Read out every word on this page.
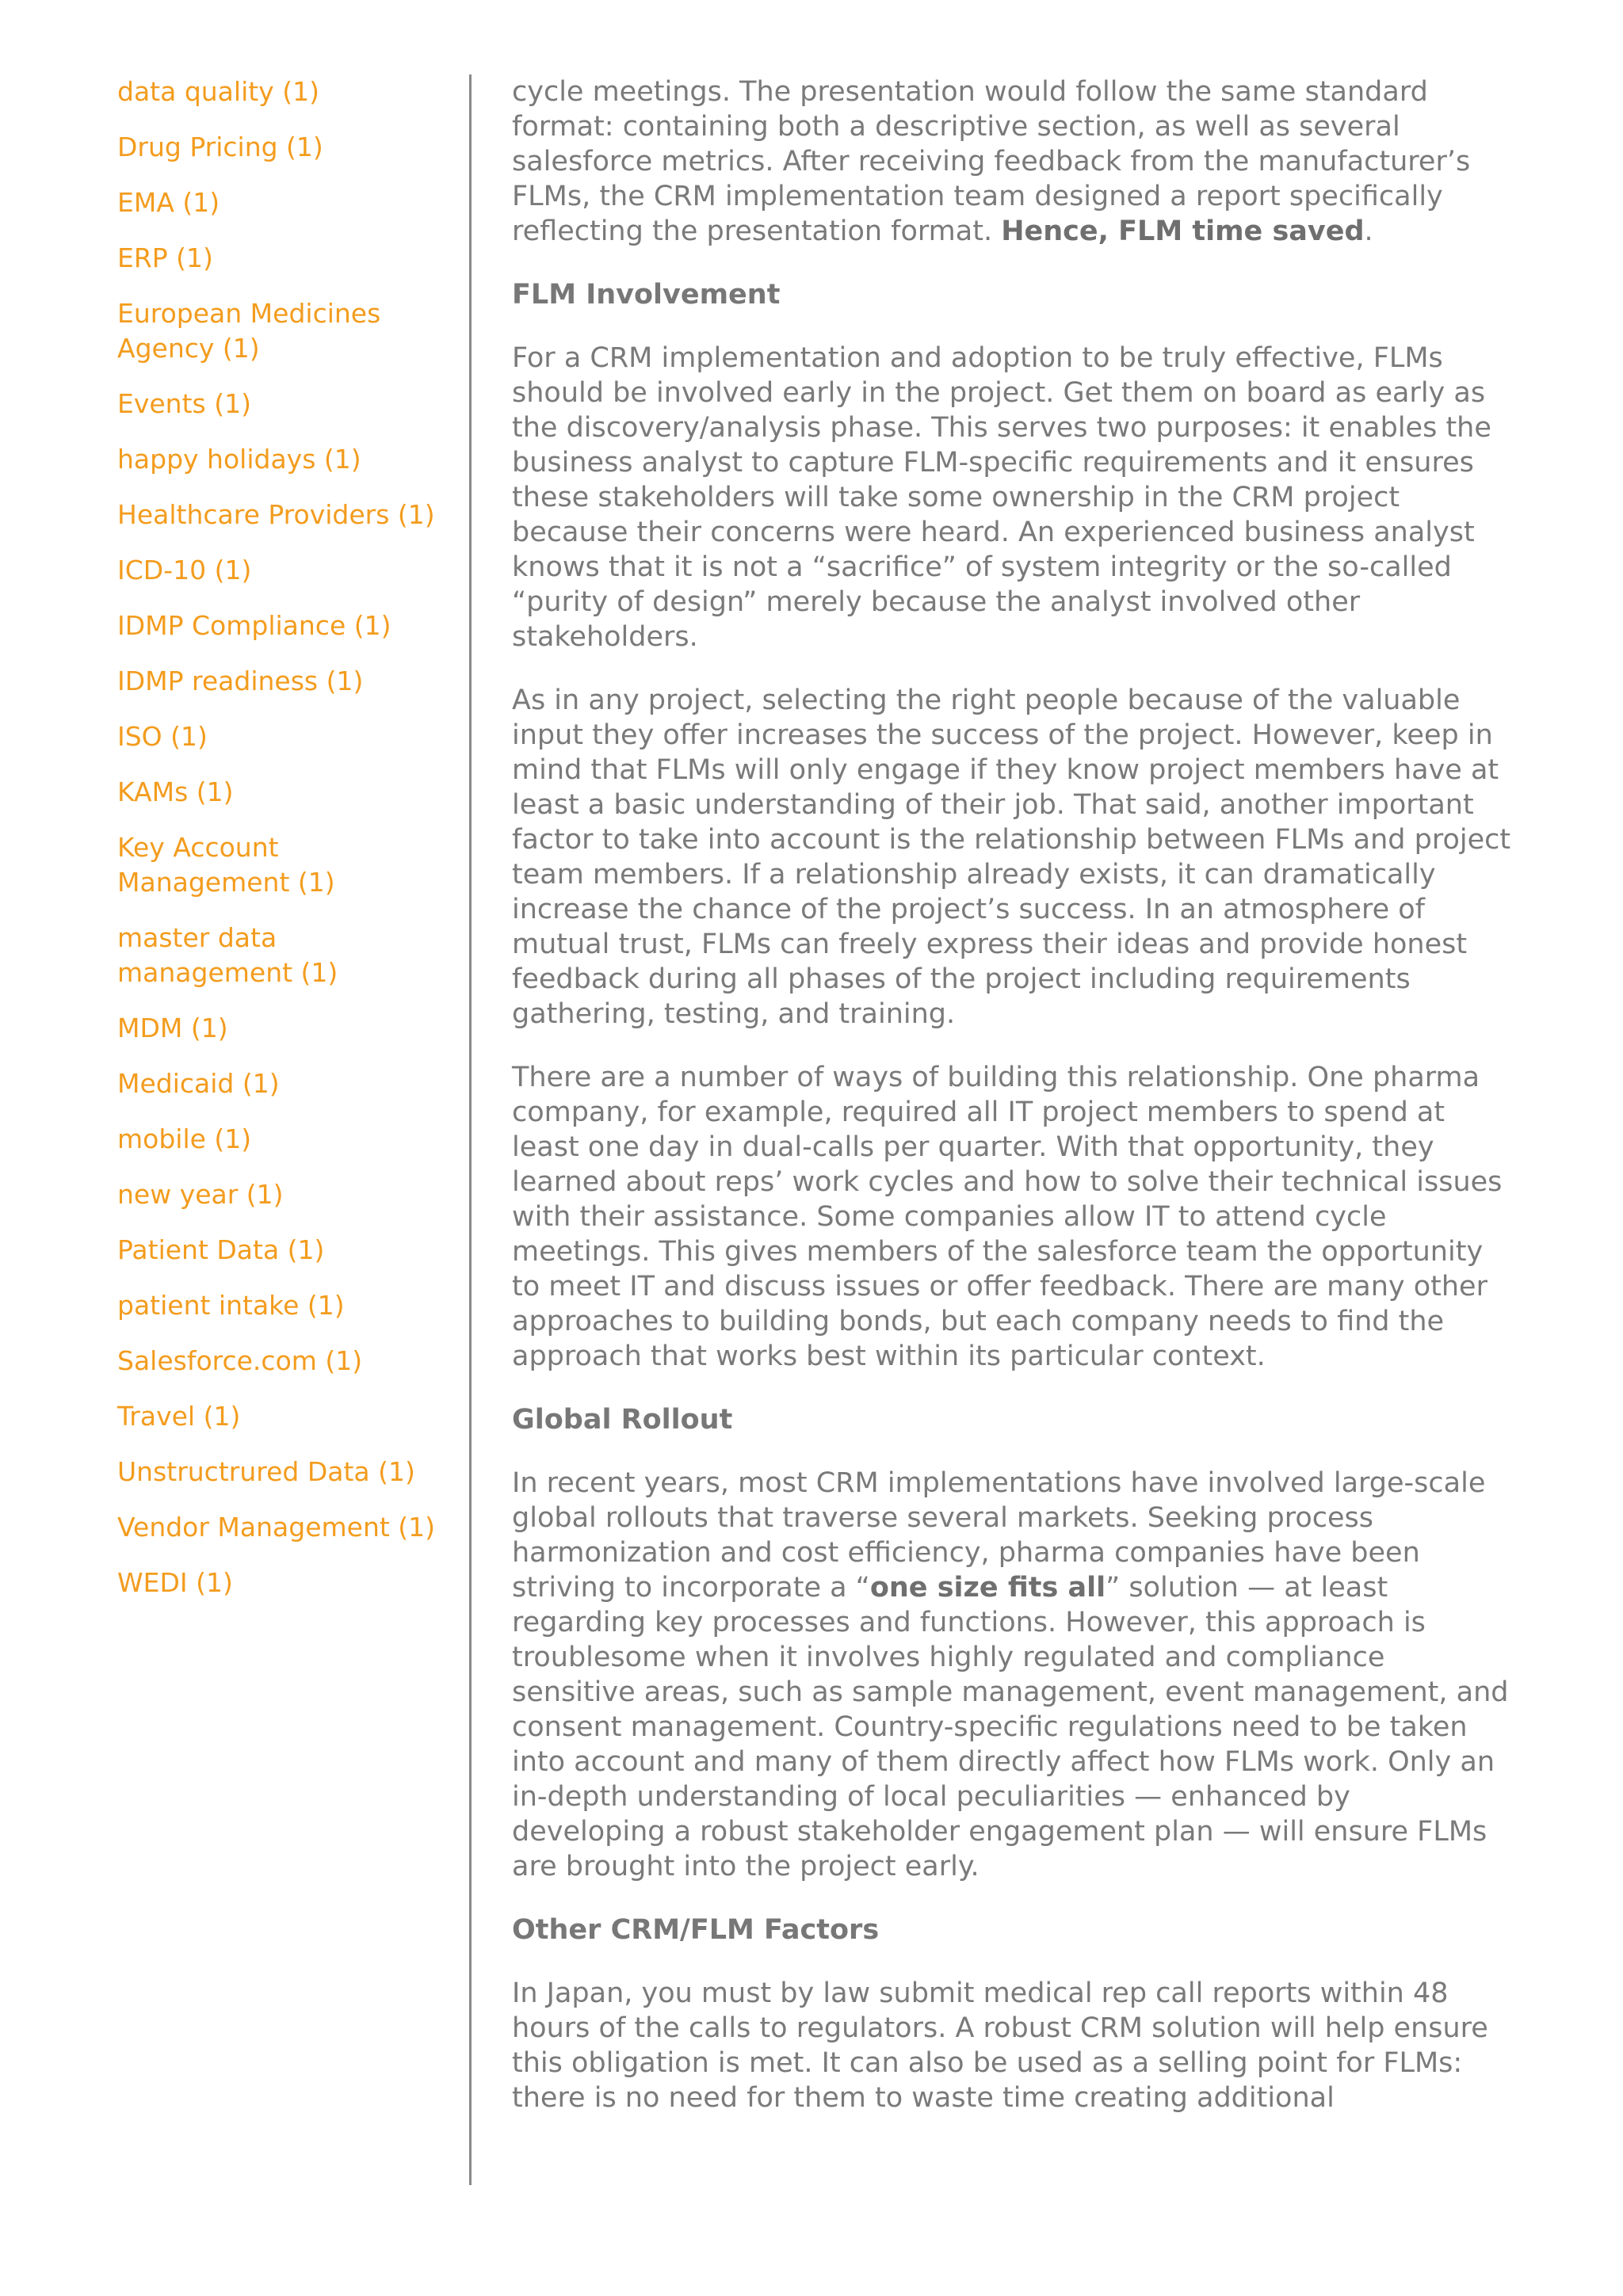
data quality (1)
Drug Pricing (1)
EMA (1)
ERP (1)
European Medicines Agency (1)
Events (1)
happy holidays (1)
Healthcare Providers (1)
ICD-10 (1)
IDMP Compliance (1)
IDMP readiness (1)
ISO (1)
KAMs (1)
Key Account Management (1)
master data management (1)
MDM (1)
Medicaid (1)
mobile (1)
new year (1)
Patient Data (1)
patient intake (1)
Salesforce.com (1)
Travel (1)
Unstructrured Data (1)
Vendor Management (1)
WEDI (1)

cycle meetings. The presentation would follow the same standard format: containing both a descriptive section, as well as several salesforce metrics. After receiving feedback from the manufacturer’s FLMs, the CRM implementation team designed a report specifically reflecting the presentation format. Hence, FLM time saved.

FLM Involvement

For a CRM implementation and adoption to be truly effective, FLMs should be involved early in the project. Get them on board as early as the discovery/analysis phase. This serves two purposes: it enables the business analyst to capture FLM-specific requirements and it ensures these stakeholders will take some ownership in the CRM project because their concerns were heard. An experienced business analyst knows that it is not a “sacrifice” of system integrity or the so-called “purity of design” merely because the analyst involved other stakeholders.

As in any project, selecting the right people because of the valuable input they offer increases the success of the project. However, keep in mind that FLMs will only engage if they know project members have at least a basic understanding of their job. That said, another important factor to take into account is the relationship between FLMs and project team members. If a relationship already exists, it can dramatically increase the chance of the project’s success. In an atmosphere of mutual trust, FLMs can freely express their ideas and provide honest feedback during all phases of the project including requirements gathering, testing, and training.

There are a number of ways of building this relationship. One pharma company, for example, required all IT project members to spend at least one day in dual-calls per quarter. With that opportunity, they learned about reps’ work cycles and how to solve their technical issues with their assistance. Some companies allow IT to attend cycle meetings. This gives members of the salesforce team the opportunity to meet IT and discuss issues or offer feedback. There are many other approaches to building bonds, but each company needs to find the approach that works best within its particular context.

Global Rollout

In recent years, most CRM implementations have involved large-scale global rollouts that traverse several markets. Seeking process harmonization and cost efficiency, pharma companies have been striving to incorporate a “one size fits all” solution — at least regarding key processes and functions. However, this approach is troublesome when it involves highly regulated and compliance sensitive areas, such as sample management, event management, and consent management. Country-specific regulations need to be taken into account and many of them directly affect how FLMs work. Only an in-depth understanding of local peculiarities — enhanced by developing a robust stakeholder engagement plan — will ensure FLMs are brought into the project early.

Other CRM/FLM Factors

In Japan, you must by law submit medical rep call reports within 48 hours of the calls to regulators. A robust CRM solution will help ensure this obligation is met. It can also be used as a selling point for FLMs: there is no need for them to waste time creating additional
